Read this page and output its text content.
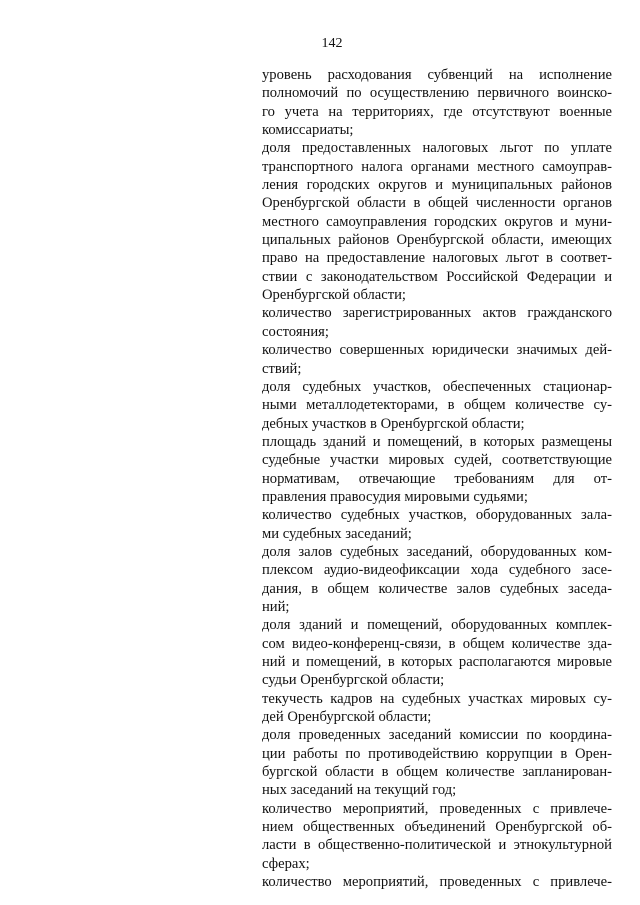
142
уровень расходования субвенций на исполнение
полномочий по осуществлению первичного воинско-
го учета на территориях, где отсутствуют военные
комиссариаты;
доля предоставленных налоговых льгот по уплате
транспортного налога органами местного самоуправ-
ления городских округов и муниципальных районов
Оренбургской области в общей численности органов
местного самоуправления городских округов и муни-
ципальных районов Оренбургской области, имеющих
право на предоставление налоговых льгот в соответ-
ствии с законодательством Российской Федерации и
Оренбургской области;
количество зарегистрированных актов гражданского
состояния;
количество совершенных юридически значимых дей-
ствий;
доля судебных участков, обеспеченных стационар-
ными металлодетекторами, в общем количестве су-
дебных участков в Оренбургской области;
площадь зданий и помещений, в которых размещены
судебные участки мировых судей, соответствующие
нормативам, отвечающие требованиям для от-
правления правосудия мировыми судьями;
количество судебных участков, оборудованных зала-
ми судебных заседаний;
доля залов судебных заседаний, оборудованных ком-
плексом аудио-видеофиксации хода судебного засе-
дания, в общем количестве залов судебных заседа-
ний;
доля зданий и помещений, оборудованных комплек-
сом видео-конференц-связи, в общем количестве зда-
ний и помещений, в которых располагаются мировые
судьи Оренбургской области;
текучесть кадров на судебных участках мировых су-
дей Оренбургской области;
доля проведенных заседаний комиссии по координа-
ции работы по противодействию коррупции в Орен-
бургской области в общем количестве запланирован-
ных заседаний на текущий год;
количество мероприятий, проведенных с привлече-
нием общественных объединений Оренбургской об-
ласти в общественно-политической и этнокультурной
сферах;
количество мероприятий, проведенных с привлече-
